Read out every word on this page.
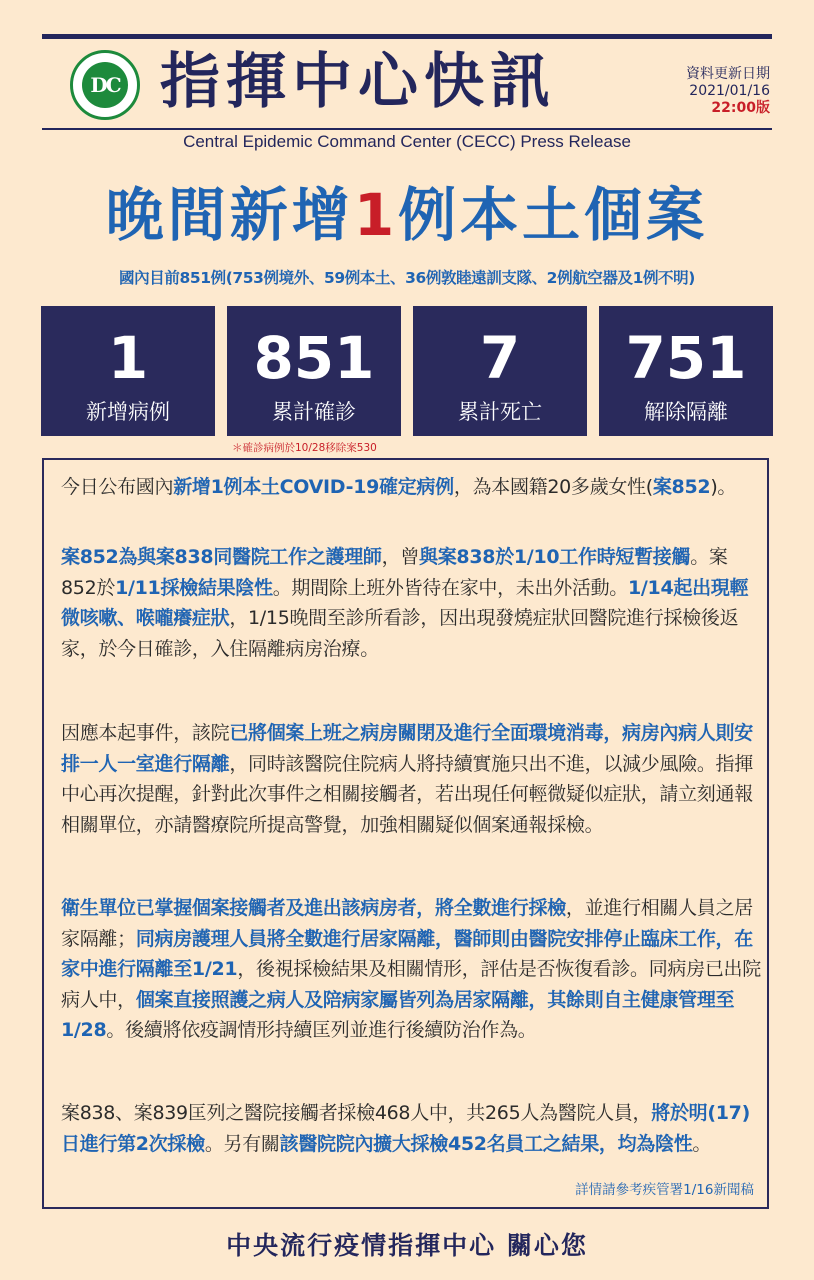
DC 指揮中心快訊	資料更新日期
2021/01/16
22:00版
Central Epidemic Command Center (CECC) Press Release
晚間新增1例本土個案
國內目前851例(753例境外、59例本土、36例敦睦遠訓支隊、2例航空器及1例不明)
1
新增病例
851
累計確診
7
累計死亡
751
解除隔離
＊確診病例於10/28移除案530
今日公布國內新增1例本土COVID-19確定病例，為本國籍20多歲女性(案852)。
案852為與案838同醫院工作之護理師，曾與案838於1/10工作時短暫接觸。案852於1/11採檢結果陰性。期間除上班外皆待在家中，未出外活動。1/14起出現輕微咳嗽、喉嚨癢症狀，1/15晚間至診所看診，因出現發燒症狀回醫院進行採檢後返家，於今日確診，入住隔離病房治療。
因應本起事件，該院已將個案上班之病房關閉及進行全面環境消毒，病房內病人則安排一人一室進行隔離，同時該醫院住院病人將持續實施只出不進，以減少風險。指揮中心再次提醒，針對此次事件之相關接觸者，若出現任何輕微疑似症狀，請立刻通報相關單位，亦請醫療院所提高警覺，加強相關疑似個案通報採檢。
衛生單位已掌握個案接觸者及進出該病房者，將全數進行採檢，並進行相關人員之居家隔離；同病房護理人員將全數進行居家隔離，醫師則由醫院安排停止臨床工作，在家中進行隔離至1/21，後視採檢結果及相關情形，評估是否恢復看診。同病房已出院病人中，個案直接照護之病人及陪病家屬皆列為居家隔離，其餘則自主健康管理至1/28。後續將依疫調情形持續匡列並進行後續防治作為。
案838、案839匡列之醫院接觸者採檢468人中，共265人為醫院人員，將於明(17)日進行第2次採檢。另有關該醫院院內擴大採檢452名員工之結果，均為陰性。
詳情請參考疾管署1/16新聞稿
中央流行疫情指揮中心 關心您
